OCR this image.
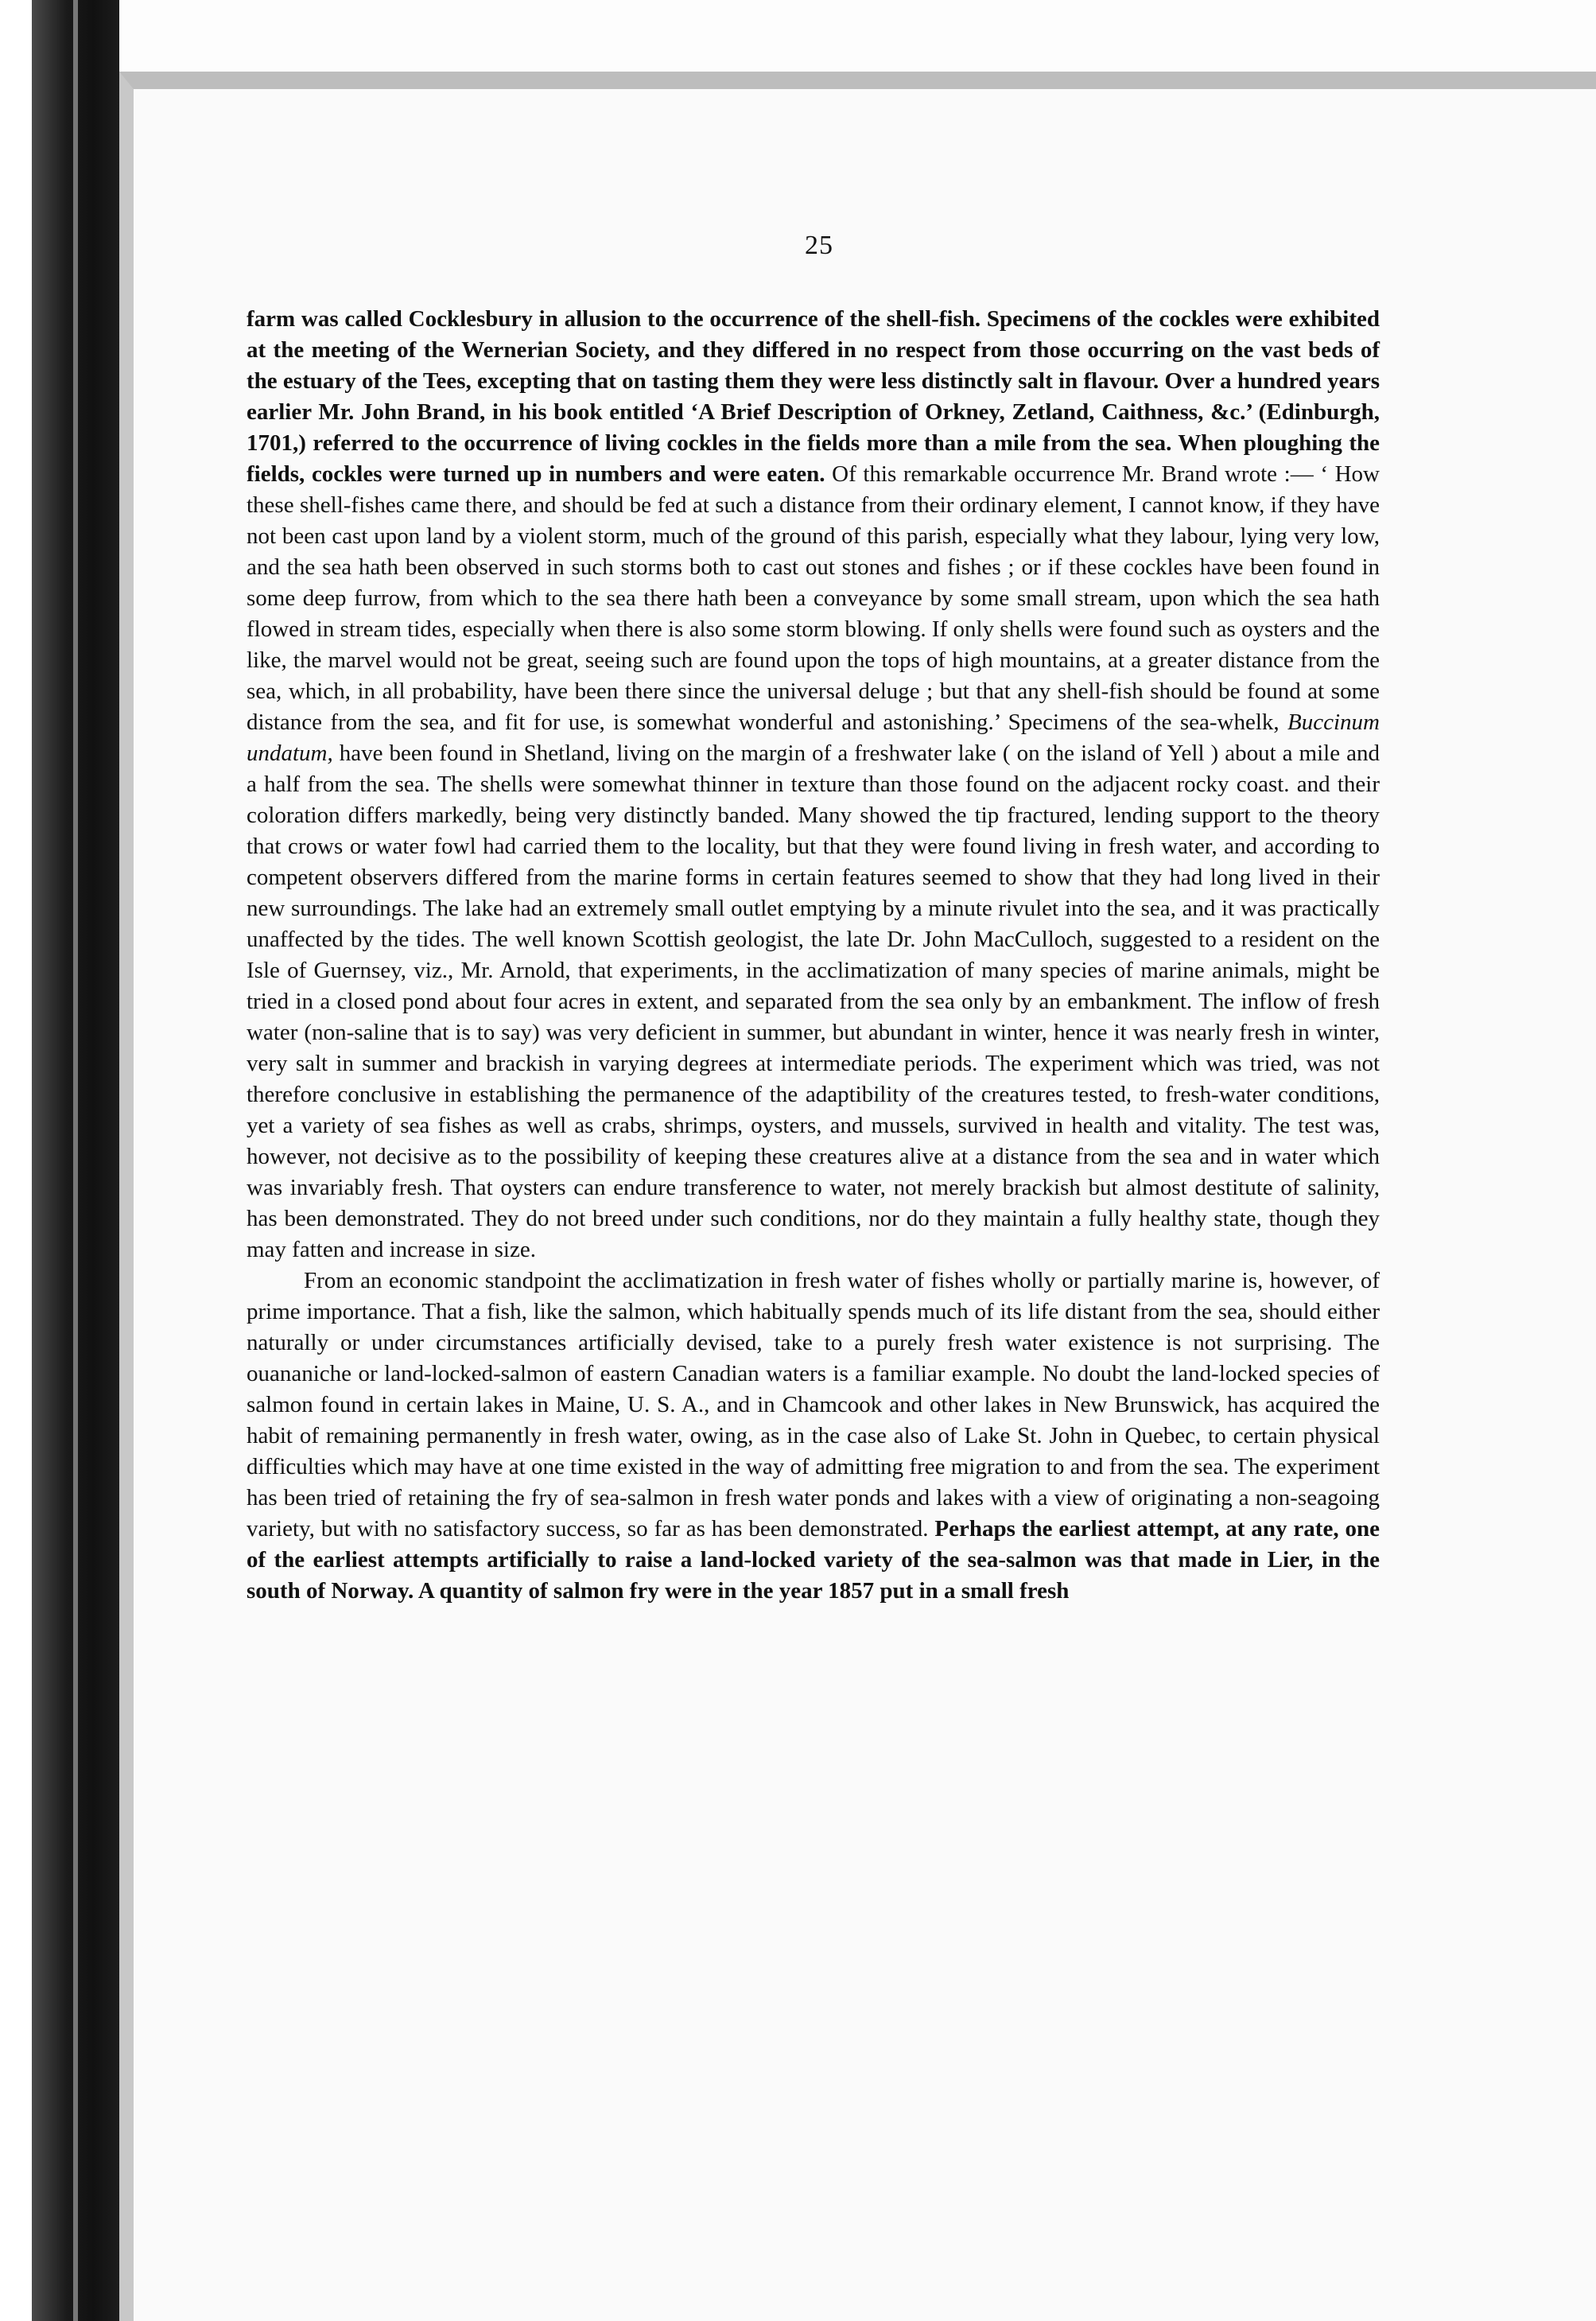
25

farm was called Cocklesbury in allusion to the occurrence of the shell-fish. Specimens of the cockles were exhibited at the meeting of the Wernerian Society, and they differed in no respect from those occurring on the vast beds of the estuary of the Tees, excepting that on tasting them they were less distinctly salt in flavour. Over a hundred years earlier Mr. John Brand, in his book entitled ‘A Brief Description of Orkney, Zetland, Caithness, &c.’ (Edinburgh, 1701,) referred to the occurrence of living cockles in the fields more than a mile from the sea. When ploughing the fields, cockles were turned up in numbers and were eaten. Of this remarkable occurrence Mr. Brand wrote :— ‘ How these shell-fishes came there, and should be fed at such a distance from their ordinary element, I cannot know, if they have not been cast upon land by a violent storm, much of the ground of this parish, especially what they labour, lying very low, and the sea hath been observed in such storms both to cast out stones and fishes ; or if these cockles have been found in some deep furrow, from which to the sea there hath been a conveyance by some small stream, upon which the sea hath flowed in stream tides, especially when there is also some storm blowing. If only shells were found such as oysters and the like, the marvel would not be great, seeing such are found upon the tops of high mountains, at a greater distance from the sea, which, in all probability, have been there since the universal deluge ; but that any shell-fish should be found at some distance from the sea, and fit for use, is somewhat wonderful and astonishing.’ Specimens of the sea-whelk, Buccinum undatum, have been found in Shetland, living on the margin of a freshwater lake ( on the island of Yell ) about a mile and a half from the sea. The shells were somewhat thinner in texture than those found on the adjacent rocky coast. and their coloration differs markedly, being very distinctly banded. Many showed the tip fractured, lending support to the theory that crows or water fowl had carried them to the locality, but that they were found living in fresh water, and according to competent observers differed from the marine forms in certain features seemed to show that they had long lived in their new surroundings. The lake had an extremely small outlet emptying by a minute rivulet into the sea, and it was practically unaffected by the tides. The well known Scottish geologist, the late Dr. John MacCulloch, suggested to a resident on the Isle of Guernsey, viz., Mr. Arnold, that experiments, in the acclimatization of many species of marine animals, might be tried in a closed pond about four acres in extent, and separated from the sea only by an embankment. The inflow of fresh water (non-saline that is to say) was very deficient in summer, but abundant in winter, hence it was nearly fresh in winter, very salt in summer and brackish in varying degrees at intermediate periods. The experiment which was tried, was not therefore conclusive in establishing the permanence of the adaptibility of the creatures tested, to fresh-water conditions, yet a variety of sea fishes as well as crabs, shrimps, oysters, and mussels, survived in health and vitality. The test was, however, not decisive as to the possibility of keeping these creatures alive at a distance from the sea and in water which was invariably fresh. That oysters can endure transference to water, not merely brackish but almost destitute of salinity, has been demonstrated. They do not breed under such conditions, nor do they maintain a fully healthy state, though they may fatten and increase in size.

From an economic standpoint the acclimatization in fresh water of fishes wholly or partially marine is, however, of prime importance. That a fish, like the salmon, which habitually spends much of its life distant from the sea, should either naturally or under circumstances artificially devised, take to a purely fresh water existence is not surprising. The ouananiche or land-locked-salmon of eastern Canadian waters is a familiar example. No doubt the land-locked species of salmon found in certain lakes in Maine, U. S. A., and in Chamcook and other lakes in New Brunswick, has acquired the habit of remaining permanently in fresh water, owing, as in the case also of Lake St. John in Quebec, to certain physical difficulties which may have at one time existed in the way of admitting free migration to and from the sea. The experiment has been tried of retaining the fry of sea-salmon in fresh water ponds and lakes with a view of originating a non-seagoing variety, but with no satisfactory success, so far as has been demonstrated. Perhaps the earliest attempt, at any rate, one of the earliest attempts artificially to raise a land-locked variety of the sea-salmon was that made in Lier, in the south of Norway. A quantity of salmon fry were in the year 1857 put in a small fresh
